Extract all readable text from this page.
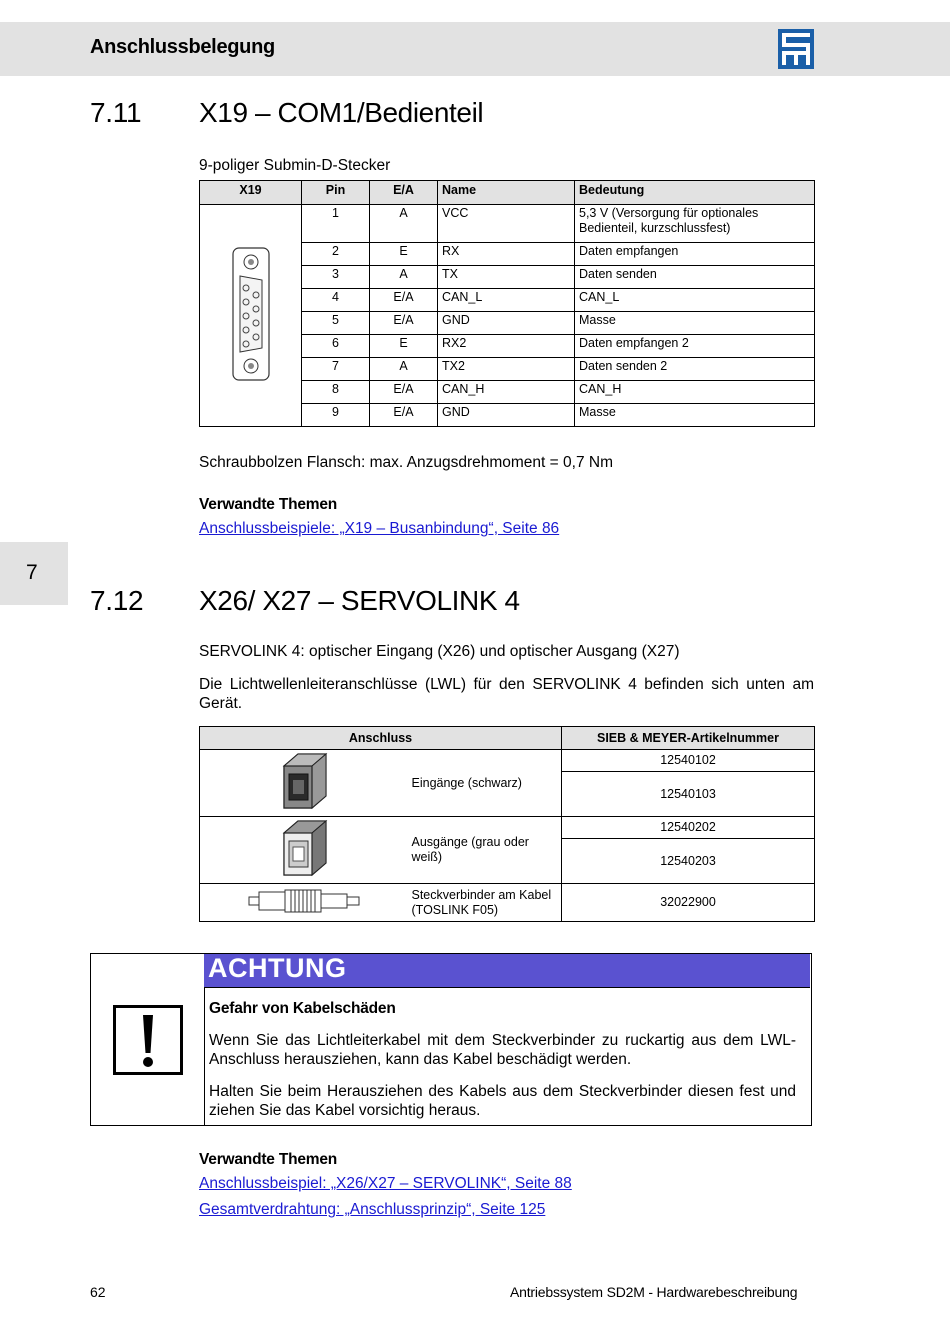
Anschlussbelegung
7
7.11 X19 – COM1/Bedienteil
9-poliger Submin-D-Stecker
X19	Pin	E/A	Name	Bedeutung
	1	A	VCC	5,3 V (Versorgung für optionales Bedienteil, kurzschlussfest)
	2	E	RX	Daten empfangen
	3	A	TX	Daten senden
	4	E/A	CAN_L	CAN_L
	5	E/A	GND	Masse
	6	E	RX2	Daten empfangen 2
	7	A	TX2	Daten senden 2
	8	E/A	CAN_H	CAN_H
	9	E/A	GND	Masse
Schraubbolzen Flansch: max. Anzugsdrehmoment = 0,7 Nm
Verwandte Themen
Anschlussbeispiele: „X19 – Busanbindung“, Seite 86
7.12 X26/ X27 – SERVOLINK 4
SERVOLINK 4: optischer Eingang (X26) und optischer Ausgang (X27)
Die Lichtwellenleiteranschlüsse (LWL) für den SERVOLINK 4 befinden sich unten am Gerät.
Anschluss		SIEB & MEYER-Artikelnummer
	Eingänge (schwarz)	12540102
		12540103
	Ausgänge (grau oder weiß)	12540202
		12540203
	Steckverbinder am Kabel (TOSLINK F05)	32022900
ACHTUNG
Gefahr von Kabelschäden
Wenn Sie das Lichtleiterkabel mit dem Steckverbinder zu ruckartig aus dem LWL-Anschluss herausziehen, kann das Kabel beschädigt werden.
Halten Sie beim Herausziehen des Kabels aus dem Steckverbinder diesen fest und ziehen Sie das Kabel vorsichtig heraus.
Verwandte Themen
Anschlussbeispiel: „X26/X27 – SERVOLINK“, Seite 88
Gesamtverdrahtung: „Anschlussprinzip“, Seite 125
62	Antriebssystem SD2M - Hardwarebeschreibung
